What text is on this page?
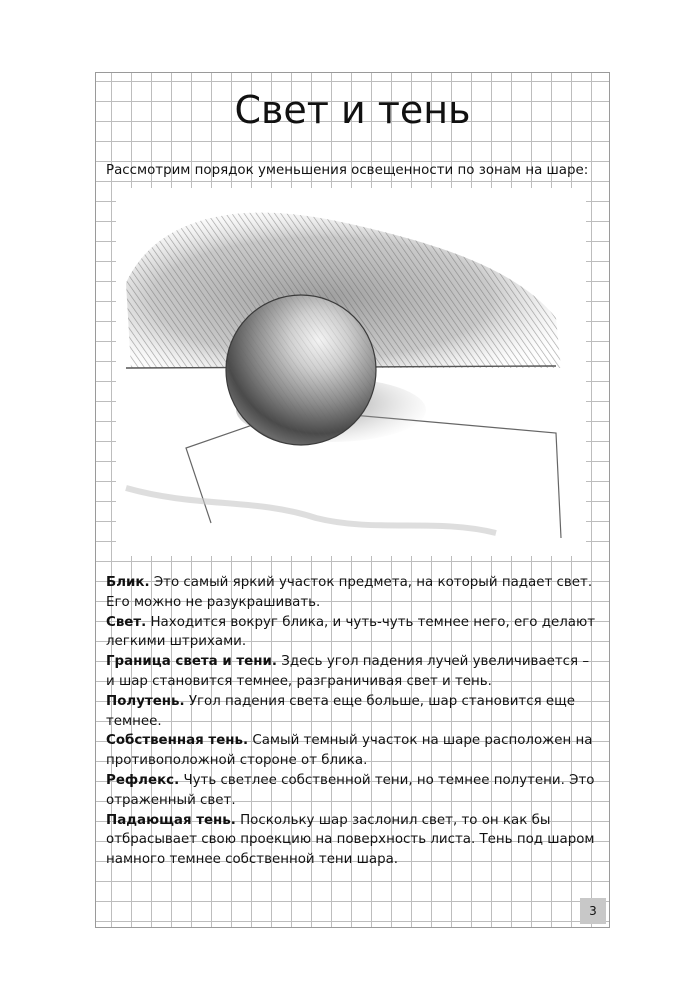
Свет и тень
Рассмотрим порядок уменьшения освещенности по зонам на шаре:

Блик. Это самый яркий участок предмета, на который падает свет. Его можно не разукрашивать.

Свет. Находится вокруг блика, и чуть-чуть темнее него, его делают легкими штрихами.

Граница света и тени. Здесь угол падения лучей увеличивается – и шар становится темнее, разграничивая свет и тень.

Полутень. Угол падения света еще больше, шар становится еще темнее.

Собственная тень. Самый темный участок на шаре расположен на противоположной стороне от блика.

Рефлекс. Чуть светлее собственной тени, но темнее полутени. Это отраженный свет.

Падающая тень. Поскольку шар заслонил свет, то он как бы отбрасывает свою проекцию на поверхность листа. Тень под шаром намного темнее собственной тени шара.

3
